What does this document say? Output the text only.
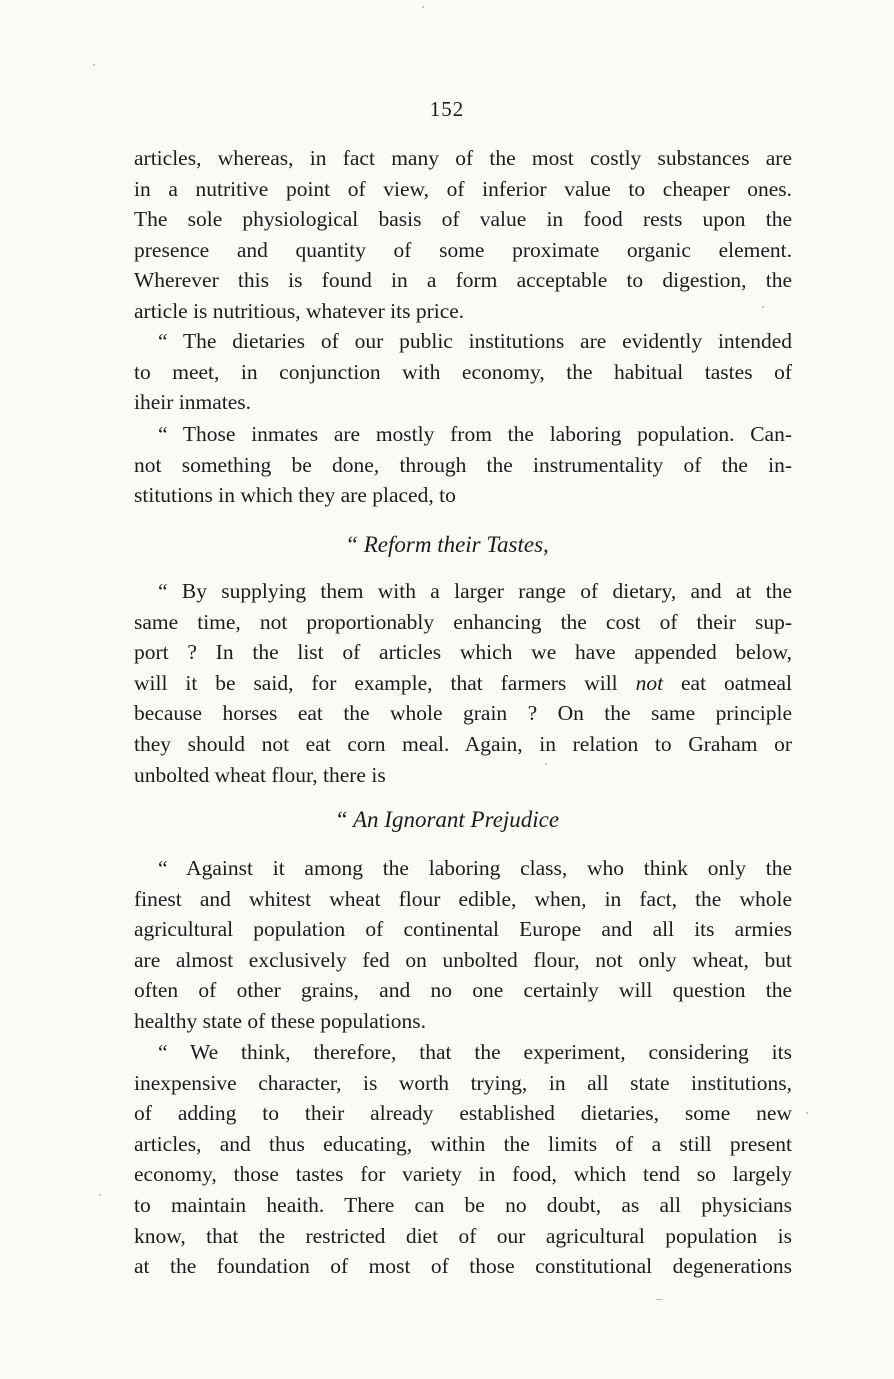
152
articles, whereas, in fact many of the most costly substances are
in a nutritive point of view, of inferior value to cheaper ones.
The sole physiological basis of value in food rests upon the
presence and quantity of some proximate organic element.
Wherever this is found in a form acceptable to digestion, the
article is nutritious, whatever its price.
“ The dietaries of our public institutions are evidently intended
to meet, in conjunction with economy, the habitual tastes of
iheir inmates.
“ Those inmates are mostly from the laboring population. Can-
not something be done, through the instrumentality of the in-
stitutions in which they are placed, to
“ Reform their Tastes,
“ By supplying them with a larger range of dietary, and at the
same time, not proportionably enhancing the cost of their sup-
port ? In the list of articles which we have appended below,
will it be said, for example, that farmers will not eat oatmeal
because horses eat the whole grain ? On the same principle
they should not eat corn meal. Again, in relation to Graham or
unbolted wheat flour, there is
“ An Ignorant Prejudice
“ Against it among the laboring class, who think only the
finest and whitest wheat flour edible, when, in fact, the whole
agricultural population of continental Europe and all its armies
are almost exclusively fed on unbolted flour, not only wheat, but
often of other grains, and no one certainly will question the
healthy state of these populations.
“ We think, therefore, that the experiment, considering its
inexpensive character, is worth trying, in all state institutions,
of adding to their already established dietaries, some new
articles, and thus educating, within the limits of a still present
economy, those tastes for variety in food, which tend so largely
to maintain heaith. There can be no doubt, as all physicians
know, that the restricted diet of our agricultural population is
at the foundation of most of those constitutional degenerations
